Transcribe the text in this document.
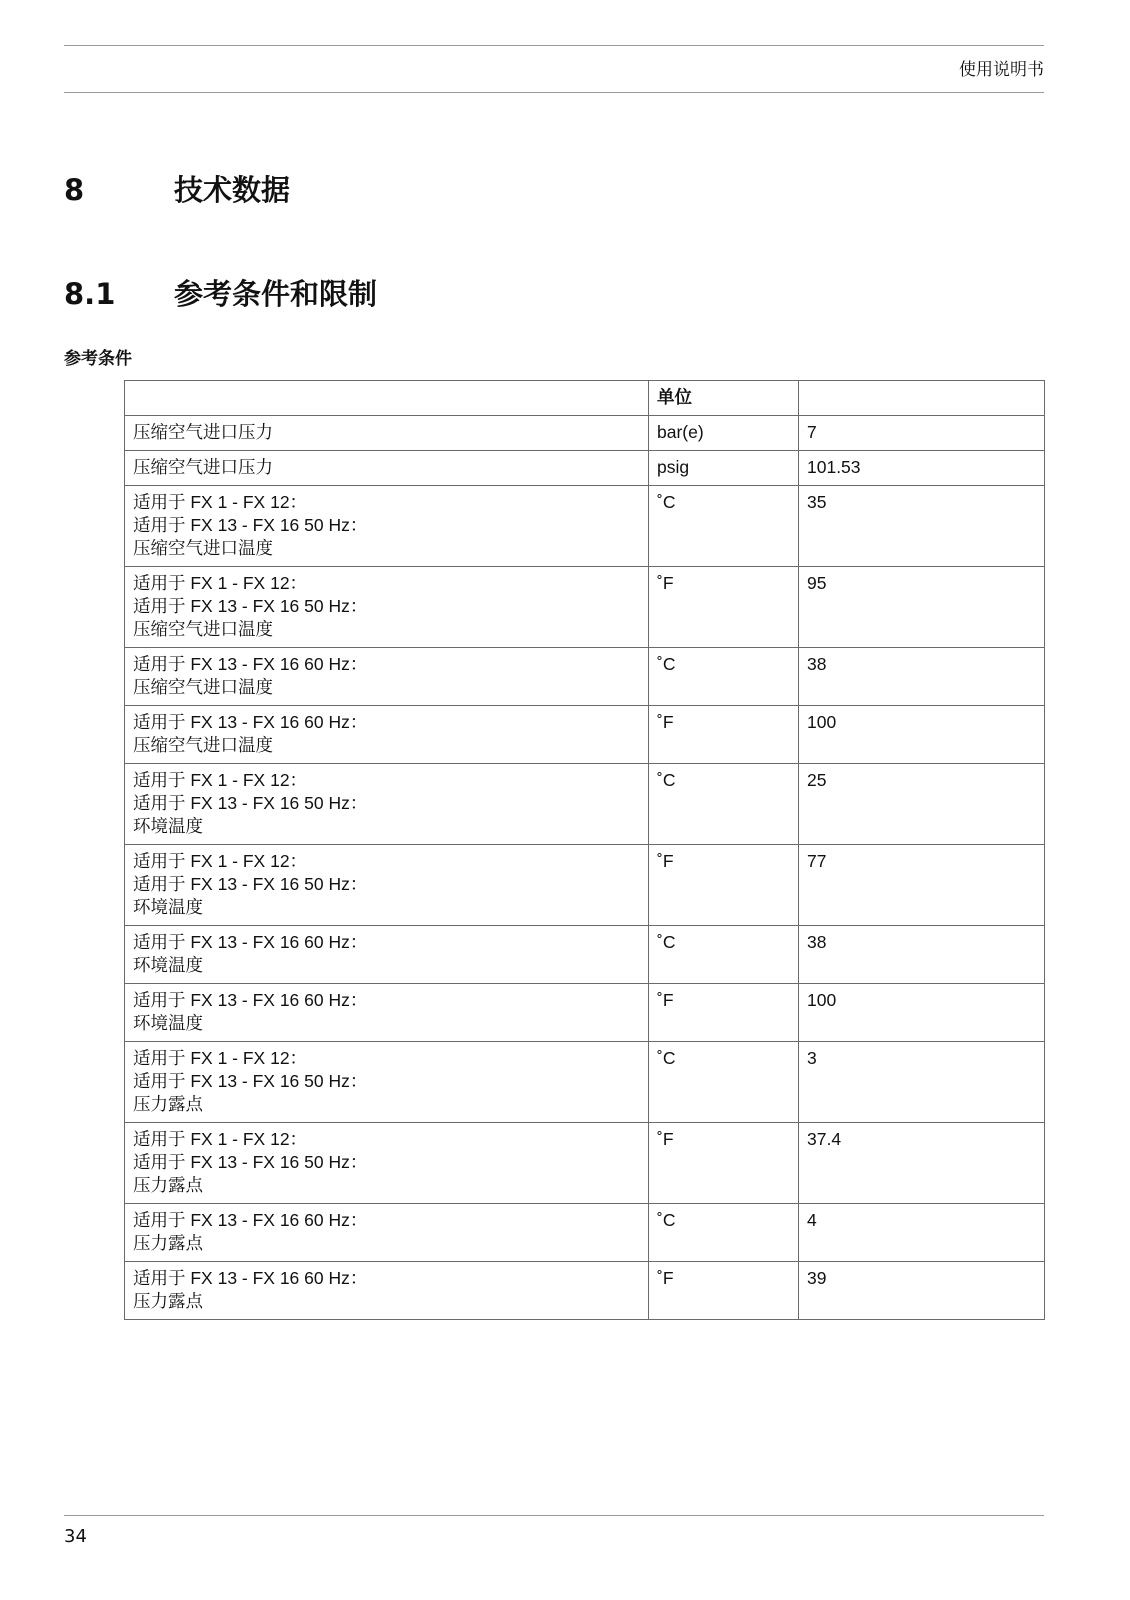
使用说明书
8	技术数据
8.1 参考条件和限制
参考条件
	单位	

压缩空气进口压力	bar(e)	7

压缩空气进口压力	psig	101.53

适用于 FX 1 - FX 12：
适用于 FX 13 - FX 16 50 Hz：
压缩空气进口温度	˚C	35

适用于 FX 1 - FX 12：
适用于 FX 13 - FX 16 50 Hz：
压缩空气进口温度	˚F	95

适用于 FX 13 - FX 16 60 Hz：
压缩空气进口温度	˚C	38

适用于 FX 13 - FX 16 60 Hz：
压缩空气进口温度	˚F	100

适用于 FX 1 - FX 12：
适用于 FX 13 - FX 16 50 Hz：
环境温度	˚C	25

适用于 FX 1 - FX 12：
适用于 FX 13 - FX 16 50 Hz：
环境温度	˚F	77

适用于 FX 13 - FX 16 60 Hz：
环境温度	˚C	38

适用于 FX 13 - FX 16 60 Hz：
环境温度	˚F	100

适用于 FX 1 - FX 12：
适用于 FX 13 - FX 16 50 Hz：
压力露点	˚C	3

适用于 FX 1 - FX 12：
适用于 FX 13 - FX 16 50 Hz：
压力露点	˚F	37.4

适用于 FX 13 - FX 16 60 Hz：
压力露点	˚C	4

适用于 FX 13 - FX 16 60 Hz：
压力露点	˚F	39
34
